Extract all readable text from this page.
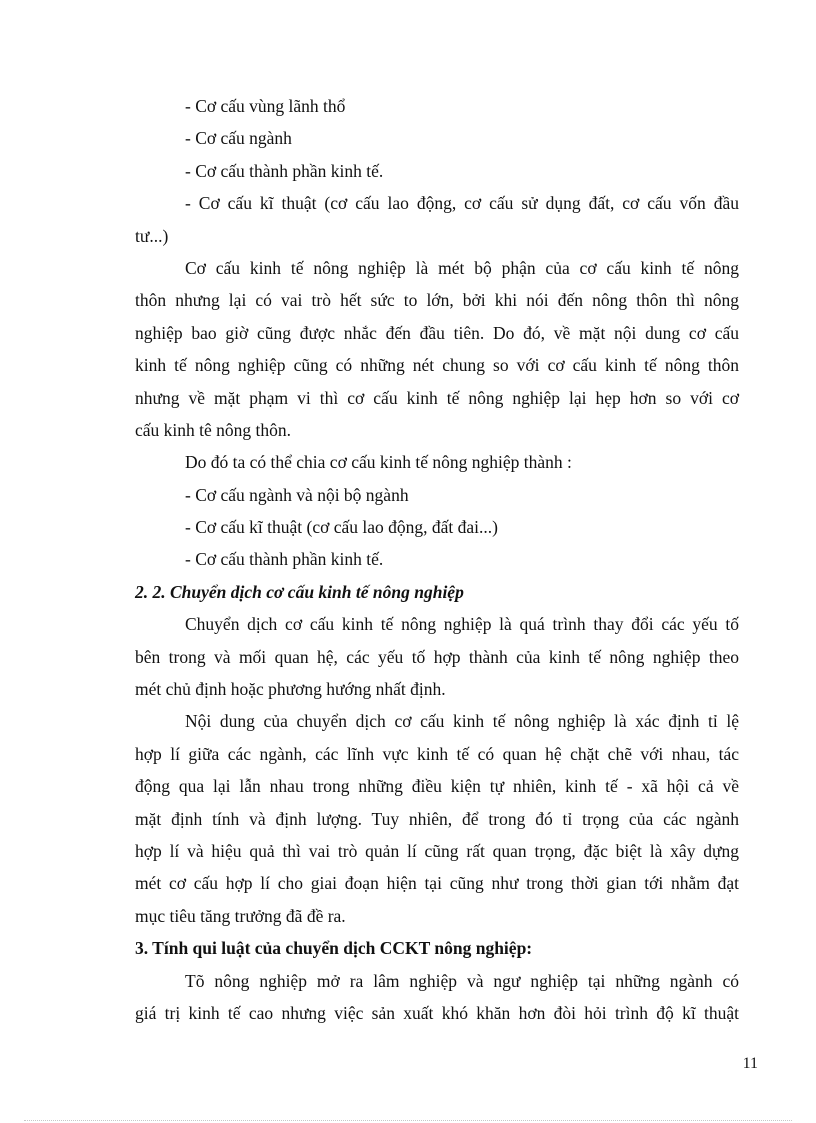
- Cơ cấu vùng lãnh thổ
- Cơ cấu ngành
- Cơ cấu thành phần kinh tế.
- Cơ cấu kĩ thuật (cơ cấu lao động, cơ cấu sử dụng đất, cơ cấu vốn đầu
tư...)
Cơ cấu kinh tế nông nghiệp là mét bộ phận của cơ cấu kinh tế nông
thôn nhưng lại có vai trò hết sức to lớn, bởi khi nói đến nông thôn thì nông
nghiệp bao giờ cũng được nhắc đến đầu tiên. Do đó, về mặt nội dung cơ cấu
kinh tế nông nghiệp cũng có những nét chung so với cơ cấu kinh tế nông thôn
nhưng về mặt phạm vi thì cơ cấu kinh tế nông nghiệp lại hẹp hơn so với cơ
cấu kinh tê nông thôn.
Do đó ta có thể chia cơ cấu kinh tế nông nghiệp thành :
- Cơ cấu ngành và nội bộ ngành
- Cơ cấu kĩ thuật (cơ cấu lao động, đất đai...)
- Cơ cấu thành phần kinh tế.
2. 2. Chuyển dịch cơ cấu kinh tế nông nghiệp
Chuyển dịch cơ cấu kinh tế nông nghiệp là quá trình thay đổi các yếu tố
bên trong và mối quan hệ, các yếu tố hợp thành của kinh tế nông nghiệp theo
mét chủ định hoặc phương hướng nhất định.
Nội dung của chuyển dịch cơ cấu kinh tế nông nghiệp là xác định tỉ lệ
hợp lí giữa các ngành, các lĩnh vực kinh tế có quan hệ chặt chẽ với nhau, tác
động qua lại lẫn nhau trong những điều kiện tự nhiên, kinh tế - xã hội cả về
mặt định tính và định lượng. Tuy nhiên, để trong đó tỉ trọng của các ngành
hợp lí và hiệu quả thì vai trò quản lí cũng rất quan trọng, đặc biệt là xây dựng
mét cơ cấu hợp lí cho giai đoạn hiện tại cũng như trong thời gian tới nhằm đạt
mục tiêu tăng trưởng đã đề ra.
3. Tính qui luật của chuyển dịch CCKT nông nghiệp:
Tõ nông nghiệp mở ra lâm nghiệp và ngư nghiệp tại những ngành có
giá trị kinh tế cao nhưng việc sản xuất khó khăn hơn đòi hỏi trình độ kĩ thuật
11
